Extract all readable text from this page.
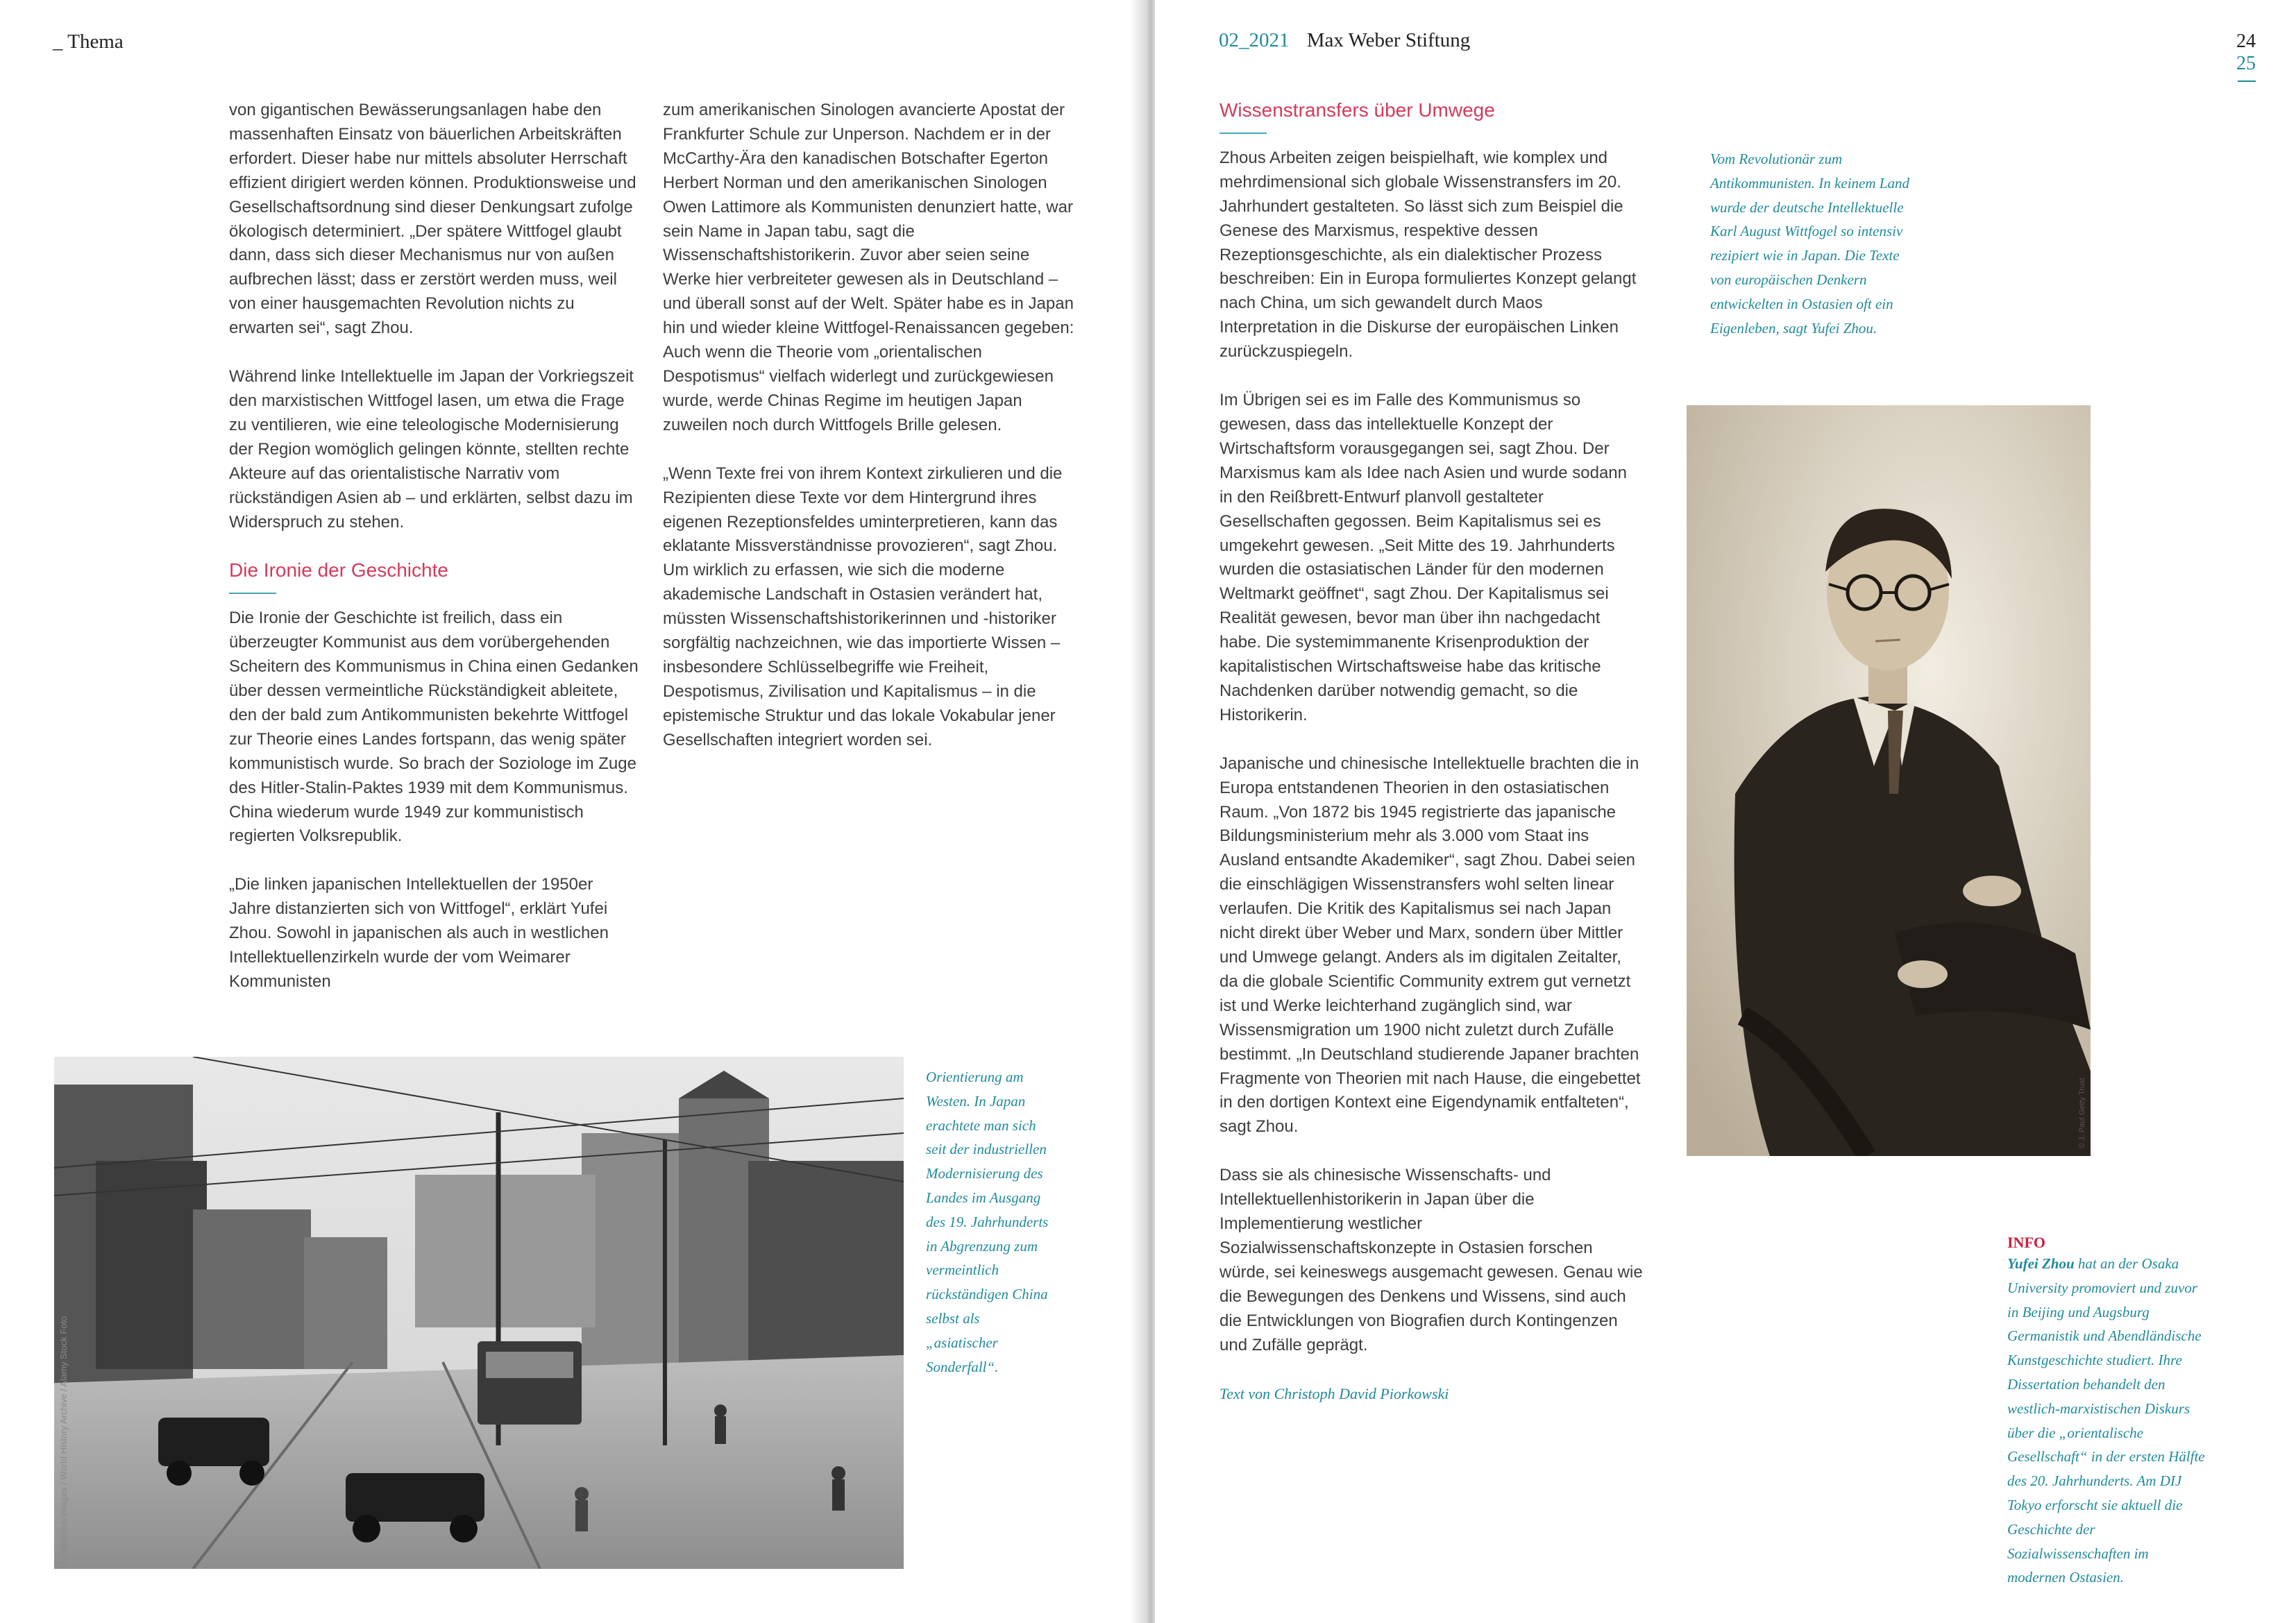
_ Thema

von gigantischen Bewässerungsanlagen habe den massenhaften Einsatz von bäuerlichen Arbeitskräften erfordert. Dieser habe nur mittels absoluter Herrschaft effizient dirigiert werden können. Produktionsweise und Gesellschaftsordnung sind dieser Denkungsart zufolge ökologisch determiniert. „Der spätere Wittfogel glaubt dann, dass sich dieser Mechanismus nur von außen aufbrechen lässt; dass er zerstört werden muss, weil von einer hausgemachten Revolution nichts zu erwarten sei“, sagt Zhou.

Während linke Intellektuelle im Japan der Vorkriegszeit den marxistischen Wittfogel lasen, um etwa die Frage zu ventilieren, wie eine teleologische Modernisierung der Region womöglich gelingen könnte, stellten rechte Akteure auf das orientalistische Narrativ vom rückständigen Asien ab – und erklärten, selbst dazu im Widerspruch zu stehen.

Die Ironie der Geschichte

Die Ironie der Geschichte ist freilich, dass ein überzeugter Kommunist aus dem vorübergehenden Scheitern des Kommunismus in China einen Gedanken über dessen vermeintliche Rückständigkeit ableitete, den der bald zum Antikommunisten bekehrte Wittfogel zur Theorie eines Landes fortspann, das wenig später kommunistisch wurde. So brach der Soziologe im Zuge des Hitler-Stalin-Paktes 1939 mit dem Kommunismus. China wiederum wurde 1949 zur kommunistisch regierten Volksrepublik.

„Die linken japanischen Intellektuellen der 1950er Jahre distanzierten sich von Wittfogel“, erklärt Yufei Zhou. Sowohl in japanischen als auch in westlichen Intellektuellenzirkeln wurde der vom Weimarer Kommunisten

zum amerikanischen Sinologen avancierte Apostat der Frankfurter Schule zur Unperson. Nachdem er in der McCarthy-Ära den kanadischen Botschafter Egerton Herbert Norman und den amerikanischen Sinologen Owen Lattimore als Kommunisten denunziert hatte, war sein Name in Japan tabu, sagt die Wissenschaftshistorikerin. Zuvor aber seien seine Werke hier verbreiteter gewesen als in Deutschland – und überall sonst auf der Welt. Später habe es in Japan hin und wieder kleine Wittfogel-Renaissancen gegeben: Auch wenn die Theorie vom „orientalischen Despotismus“ vielfach widerlegt und zurückgewiesen wurde, werde Chinas Regime im heutigen Japan zuweilen noch durch Wittfogels Brille gelesen.

„Wenn Texte frei von ihrem Kontext zirkulieren und die Rezipienten diese Texte vor dem Hintergrund ihres eigenen Rezeptionsfeldes uminterpretieren, kann das eklatante Missverständnisse provozieren“, sagt Zhou. Um wirklich zu erfassen, wie sich die moderne akademische Landschaft in Ostasien verändert hat, müssten Wissenschaftshistorikerinnen und -historiker sorgfältig nachzeichnen, wie das importierte Wissen – insbesondere Schlüsselbegriffe wie Freiheit, Despotismus, Zivilisation und Kapitalismus – in die epistemische Struktur und das lokale Vokabular jener Gesellschaften integriert worden sei.

© mauritius images / World History Archive / Alamy Stock Foto
Orientierung am Westen. In Japan erachtete man sich seit der industriellen Modernisierung des Landes im Ausgang des 19. Jahrhunderts in Abgrenzung zum vermeintlich rückständigen China selbst als „asiatischer Sonderfall“.
02_2021 Max Weber Stiftung	24
25
Wissenstransfers über Umwege

Zhous Arbeiten zeigen beispielhaft, wie komplex und mehrdimensional sich globale Wissenstransfers im 20. Jahrhundert gestalteten. So lässt sich zum Beispiel die Genese des Marxismus, respektive dessen Rezeptionsgeschichte, als ein dialektischer Prozess beschreiben: Ein in Europa formuliertes Konzept gelangt nach China, um sich gewandelt durch Maos Interpretation in die Diskurse der europäischen Linken zurückzuspiegeln.

Im Übrigen sei es im Falle des Kommunismus so gewesen, dass das intellektuelle Konzept der Wirtschaftsform vorausgegangen sei, sagt Zhou. Der Marxismus kam als Idee nach Asien und wurde sodann in den Reißbrett-Entwurf planvoll gestalteter Gesellschaften gegossen. Beim Kapitalismus sei es umgekehrt gewesen. „Seit Mitte des 19. Jahrhunderts wurden die ostasiatischen Länder für den modernen Weltmarkt geöffnet“, sagt Zhou. Der Kapitalismus sei Realität gewesen, bevor man über ihn nachgedacht habe. Die systemimmanente Krisenproduktion der kapitalistischen Wirtschaftsweise habe das kritische Nachdenken darüber notwendig gemacht, so die Historikerin.

Japanische und chinesische Intellektuelle brachten die in Europa entstandenen Theorien in den ostasiatischen Raum. „Von 1872 bis 1945 registrierte das japanische Bildungsministerium mehr als 3.000 vom Staat ins Ausland entsandte Akademiker“, sagt Zhou. Dabei seien die einschlägigen Wissenstransfers wohl selten linear verlaufen. Die Kritik des Kapitalismus sei nach Japan nicht direkt über Weber und Marx, sondern über Mittler und Umwege gelangt. Anders als im digitalen Zeitalter, da die globale Scientific Community extrem gut vernetzt ist und Werke leichterhand zugänglich sind, war Wissensmigration um 1900 nicht zuletzt durch Zufälle bestimmt. „In Deutschland studierende Japaner brachten Fragmente von Theorien mit nach Hause, die eingebettet in den dortigen Kontext eine Eigendynamik entfalteten“, sagt Zhou.

Dass sie als chinesische Wissenschafts- und Intellektuellenhistorikerin in Japan über die Implementierung westlicher Sozialwissenschaftskonzepte in Ostasien forschen würde, sei keineswegs ausgemacht gewesen. Genau wie die Bewegungen des Denkens und Wissens, sind auch die Entwicklungen von Biografien durch Kontingenzen und Zufälle geprägt.

Text von Christoph David Piorkowski
Vom Revolutionär zum Antikommunisten. In keinem Land wurde der deutsche Intellektuelle Karl August Wittfogel so intensiv rezipiert wie in Japan. Die Texte von europäischen Denkern entwickelten in Ostasien oft ein Eigenleben, sagt Yufei Zhou.
© J. Paul Getty Trust
INFO
Yufei Zhou hat an der Osaka University promoviert und zuvor in Beijing und Augsburg Germanistik und Abendländische Kunstgeschichte studiert. Ihre Dissertation behandelt den westlich-marxistischen Diskurs über die „orientalische Gesellschaft“ in der ersten Hälfte des 20. Jahrhunderts. Am DIJ Tokyo erforscht sie aktuell die Geschichte der Sozialwissenschaften im modernen Ostasien.
